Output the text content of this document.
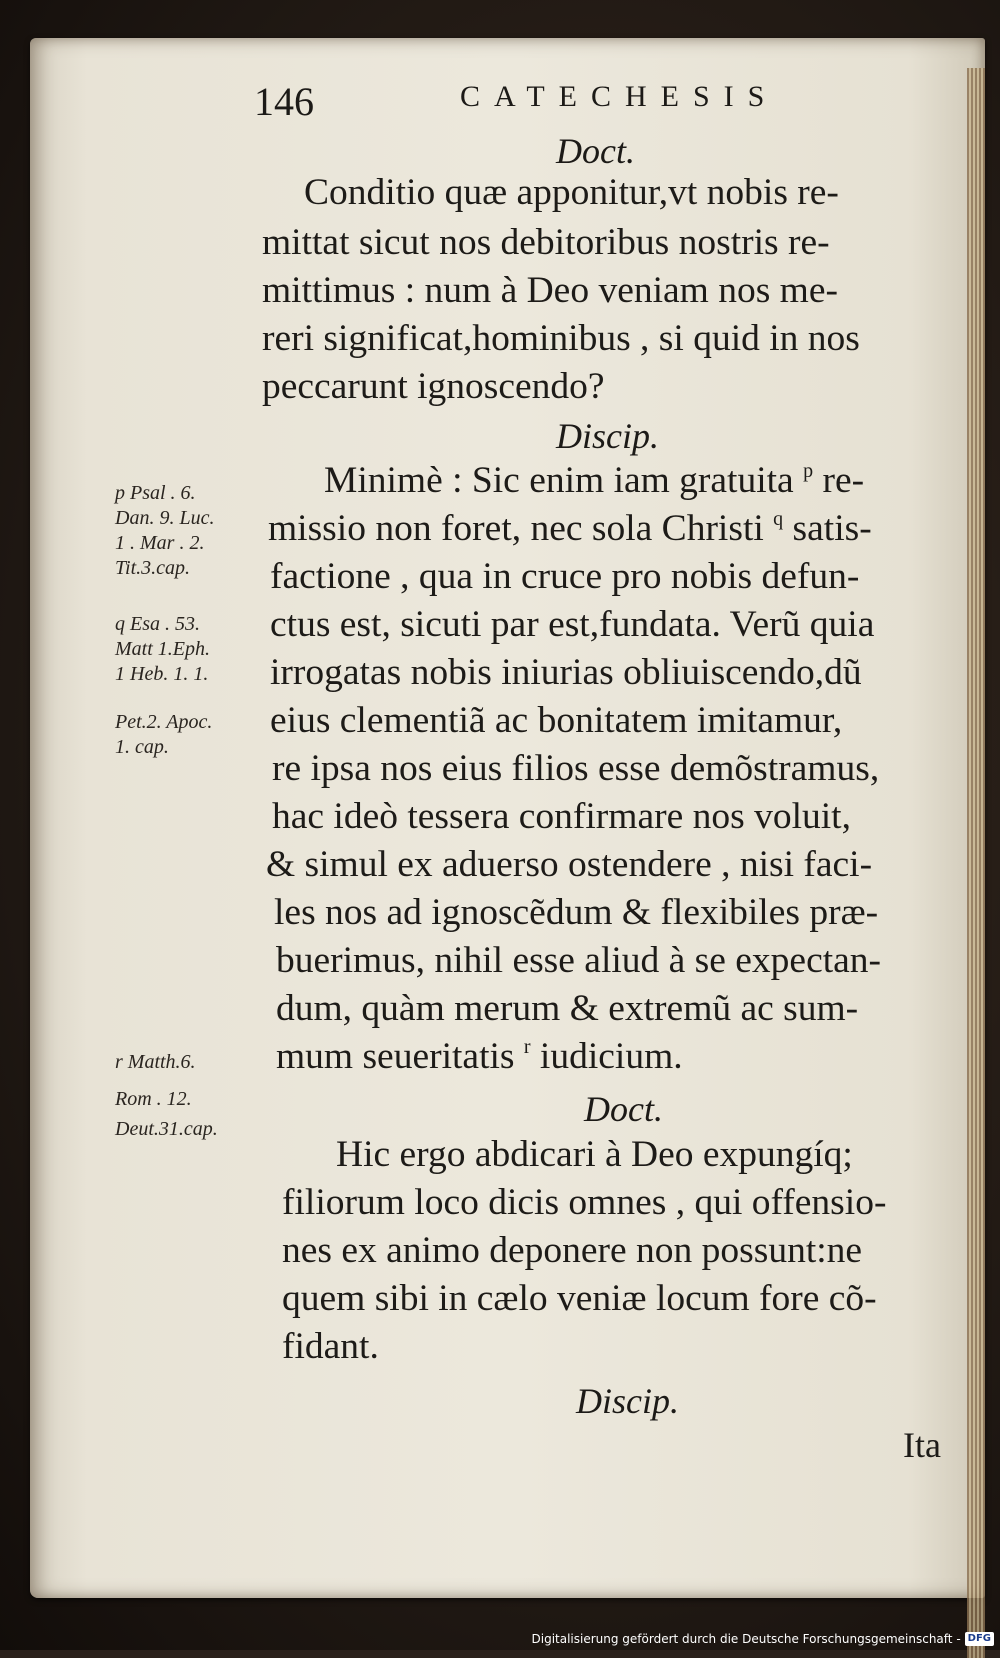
146	CATECHESIS
Doct.
Conditio quæ apponitur,vt nobis re-
mittat sicut nos debitoribus nostris re-
mittimus : num à Deo veniam nos me-
reri significat,hominibus , si quid in nos
peccarunt ignoscendo?
Discip.
Minimè : Sic enim iam gratuita $^p$ re-
missio non foret, nec sola Christi $^q$ satis-
factione , qua in cruce pro nobis defun-
ctus est, sicuti par est,fundata. Verũ quia
irrogatas nobis iniurias obliuiscendo,dũ
eius clementiã ac bonitatem imitamur,
re ipsa nos eius filios esse demõstramus,
hac ideò tessera confirmare nos voluit,
& simul ex aduerso ostendere , nisi faci-
les nos ad ignoscẽdum & flexibiles præ-
buerimus, nihil esse aliud à se expectan-
dum, quàm merum & extremũ ac sum-
mum seueritatis $^r$ iudicium.
Doct.
Hic ergo abdicari à Deo expungíq;
filiorum loco dicis omnes , qui offensio-
nes ex animo deponere non possunt:ne
quem sibi in cælo veniæ locum fore cõ-
fidant.
Discip.
Ita
p Psal . 6.
Dan. 9. Luc.
1 . Mar . 2.
Tit.3.cap.
q Esa . 53.
Matt 1.Eph.
1 Heb. 1. 1.
Pet.2. Apoc.
1. cap.
r Matth.6.
Rom . 12.
Deut.31.cap.
Digitalisierung gefördert durch die Deutsche Forschungsgemeinschaft - DFG
